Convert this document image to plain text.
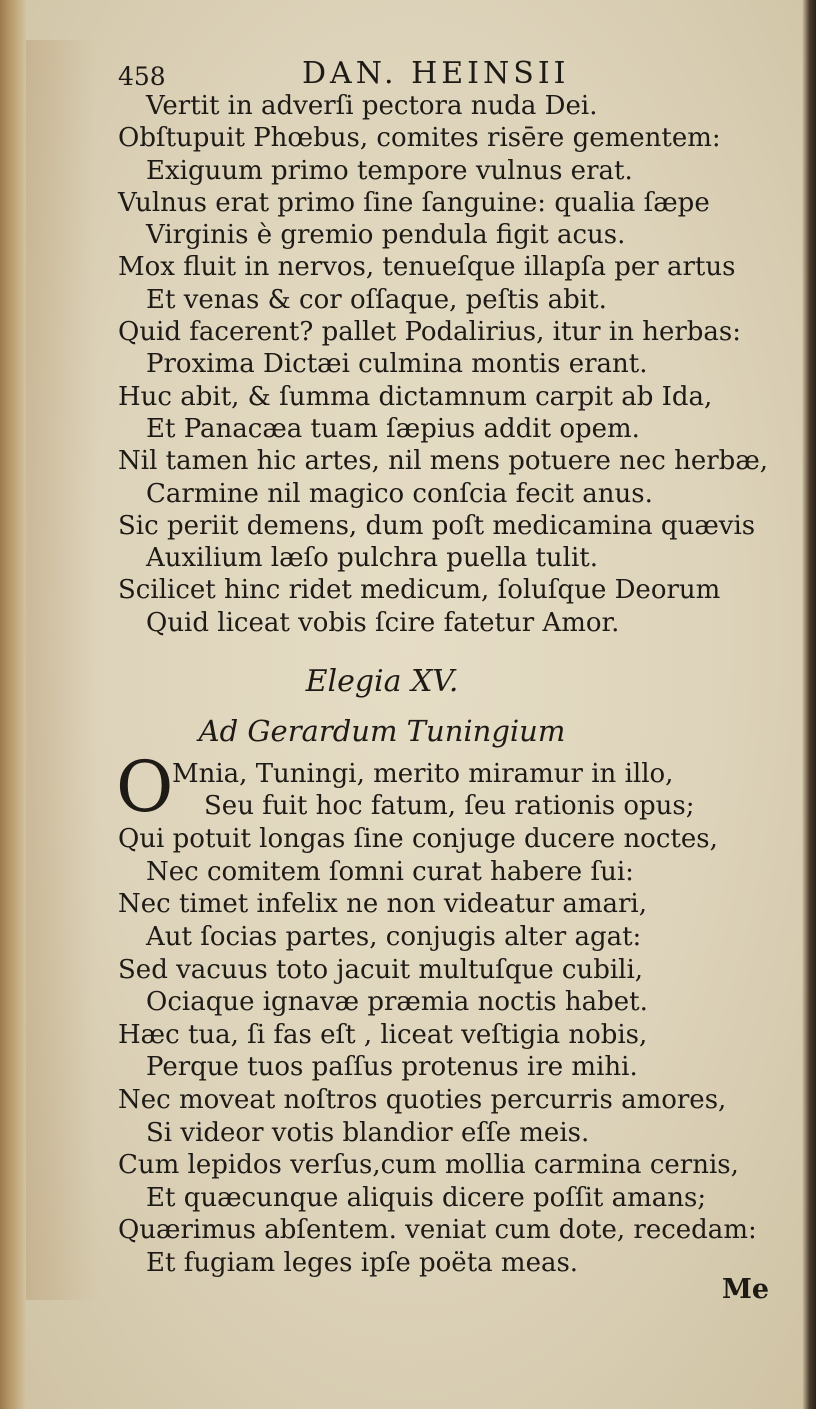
458	DAN. HEINSII
Vertit in adverſi pectora nuda Dei.
Obſtupuit Phœbus, comites risēre gementem:
Exiguum primo tempore vulnus erat.
Vulnus erat primo ſine ſanguine: qualia ſæpe
Virginis è gremio pendula figit acus.
Mox fluit in nervos, tenueſque illapſa per artus
Et venas & cor oſſaque, peſtis abit.
Quid facerent? pallet Podalirius, itur in herbas:
Proxima Dictæi culmina montis erant.
Huc abit, & ſumma dictamnum carpit ab Ida,
Et Panacæa tuam ſæpius addit opem.
Nil tamen hic artes, nil mens potuere nec herbæ,
Carmine nil magico conſcia fecit anus.
Sic periit demens, dum poſt medicamina quævis
Auxilium læſo pulchra puella tulit.
Scilicet hinc ridet medicum, ſoluſque Deorum
Quid liceat vobis ſcire fatetur Amor.
Elegia XV.
Ad Gerardum Tuningium
O
Mnia, Tuningi, merito miramur in illo,
Seu fuit hoc fatum, ſeu rationis opus;
Qui potuit longas ſine conjuge ducere noctes,
Nec comitem ſomni curat habere ſui:
Nec timet infelix ne non videatur amari,
Aut ſocias partes, conjugis alter agat:
Sed vacuus toto jacuit multuſque cubili,
Ociaque ignavæ præmia noctis habet.
Hæc tua, ſi fas eſt , liceat veſtigia nobis,
Perque tuos paſſus protenus ire mihi.
Nec moveat noſtros quoties percurris amores,
Si videor votis blandior eſſe meis.
Cum lepidos verſus,cum mollia carmina cernis,
Et quæcunque aliquis dicere poſſit amans;
Quærimus abſentem. veniat cum dote, recedam:
Et fugiam leges ipſe poëta meas.
Me
